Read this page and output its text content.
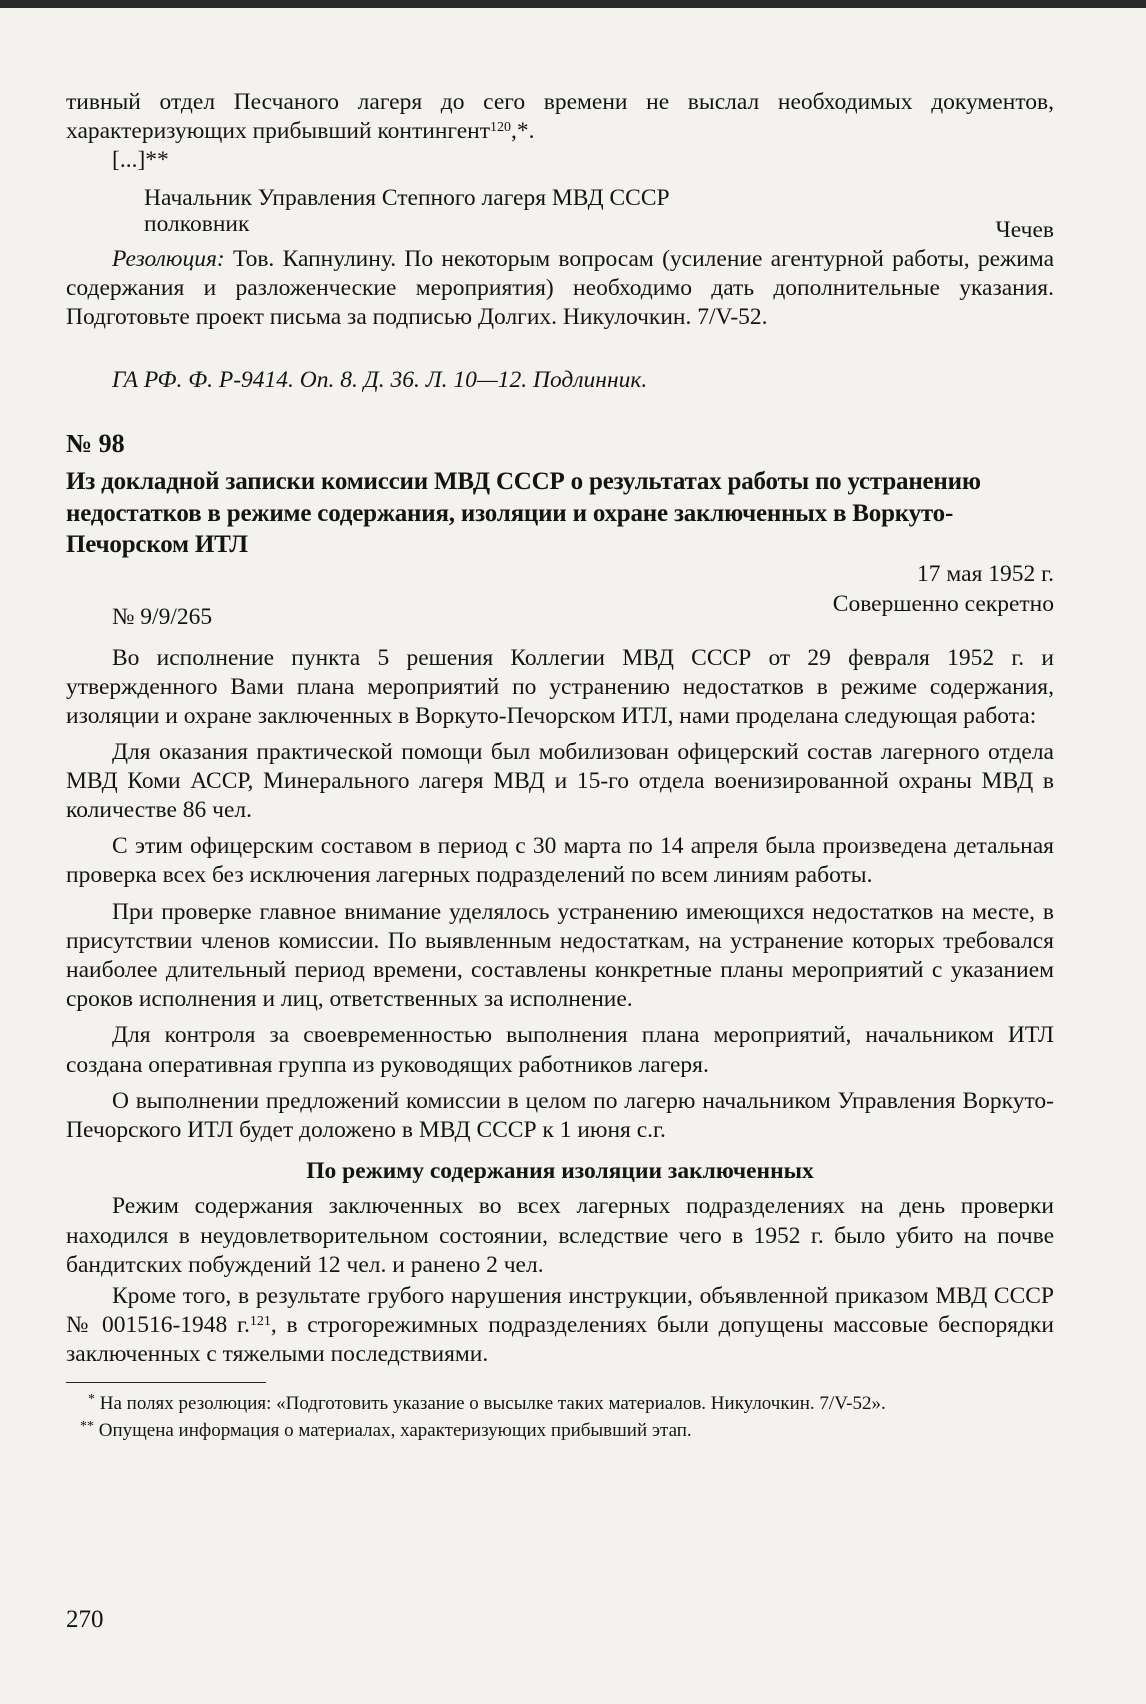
тивный отдел Песчаного лагеря до сего времени не выслал необходимых документов, характеризующих прибывший контингент$^{120}$,*.
[...]**
Начальник Управления Степного лагеря МВД СССР
полковник	Чечев
Резолюция: Тов. Капнулину. По некоторым вопросам (усиление агентурной работы, режима содержания и разложенческие мероприятия) необходимо дать дополнительные указания. Подготовьте проект письма за подписью Долгих. Никулочкин. 7/V-52.
ГА РФ. Ф. Р-9414. Оп. 8. Д. 36. Л. 10—12. Подлинник.
№ 98
Из докладной записки комиссии МВД СССР о результатах работы по устранению недостатков в режиме содержания, изоляции и охране заключенных в Воркуто-Печорском ИТЛ
17 мая 1952 г.
Совершенно секретно
№ 9/9/265

Во исполнение пункта 5 решения Коллегии МВД СССР от 29 февраля 1952 г. и утвержденного Вами плана мероприятий по устранению недостатков в режиме содержания, изоляции и охране заключенных в Воркуто-Печорском ИТЛ, нами проделана следующая работа:

Для оказания практической помощи был мобилизован офицерский состав лагерного отдела МВД Коми АССР, Минерального лагеря МВД и 15-го отдела военизированной охраны МВД в количестве 86 чел.

С этим офицерским составом в период с 30 марта по 14 апреля была произведена детальная проверка всех без исключения лагерных подразделений по всем линиям работы.

При проверке главное внимание уделялось устранению имеющихся недостатков на месте, в присутствии членов комиссии. По выявленным недостаткам, на устранение которых требовался наиболее длительный период времени, составлены конкретные планы мероприятий с указанием сроков исполнения и лиц, ответственных за исполнение.

Для контроля за своевременностью выполнения плана мероприятий, начальником ИТЛ создана оперативная группа из руководящих работников лагеря.

О выполнении предложений комиссии в целом по лагерю начальником Управления Воркуто-Печорского ИТЛ будет доложено в МВД СССР к 1 июня с.г.

По режиму содержания изоляции заключенных

Режим содержания заключенных во всех лагерных подразделениях на день проверки находился в неудовлетворительном состоянии, вследствие чего в 1952 г. было убито на почве бандитских побуждений 12 чел. и ранено 2 чел.

Кроме того, в результате грубого нарушения инструкции, объявленной приказом МВД СССР № 001516-1948 г.$^{121}$, в строгорежимных подразделениях были допущены массовые беспорядки заключенных с тяжелыми последствиями.

* На полях резолюция: «Подготовить указание о высылке таких материалов. Никулочкин. 7/V-52».

** Опущена информация о материалах, характеризующих прибывший этап.

270
